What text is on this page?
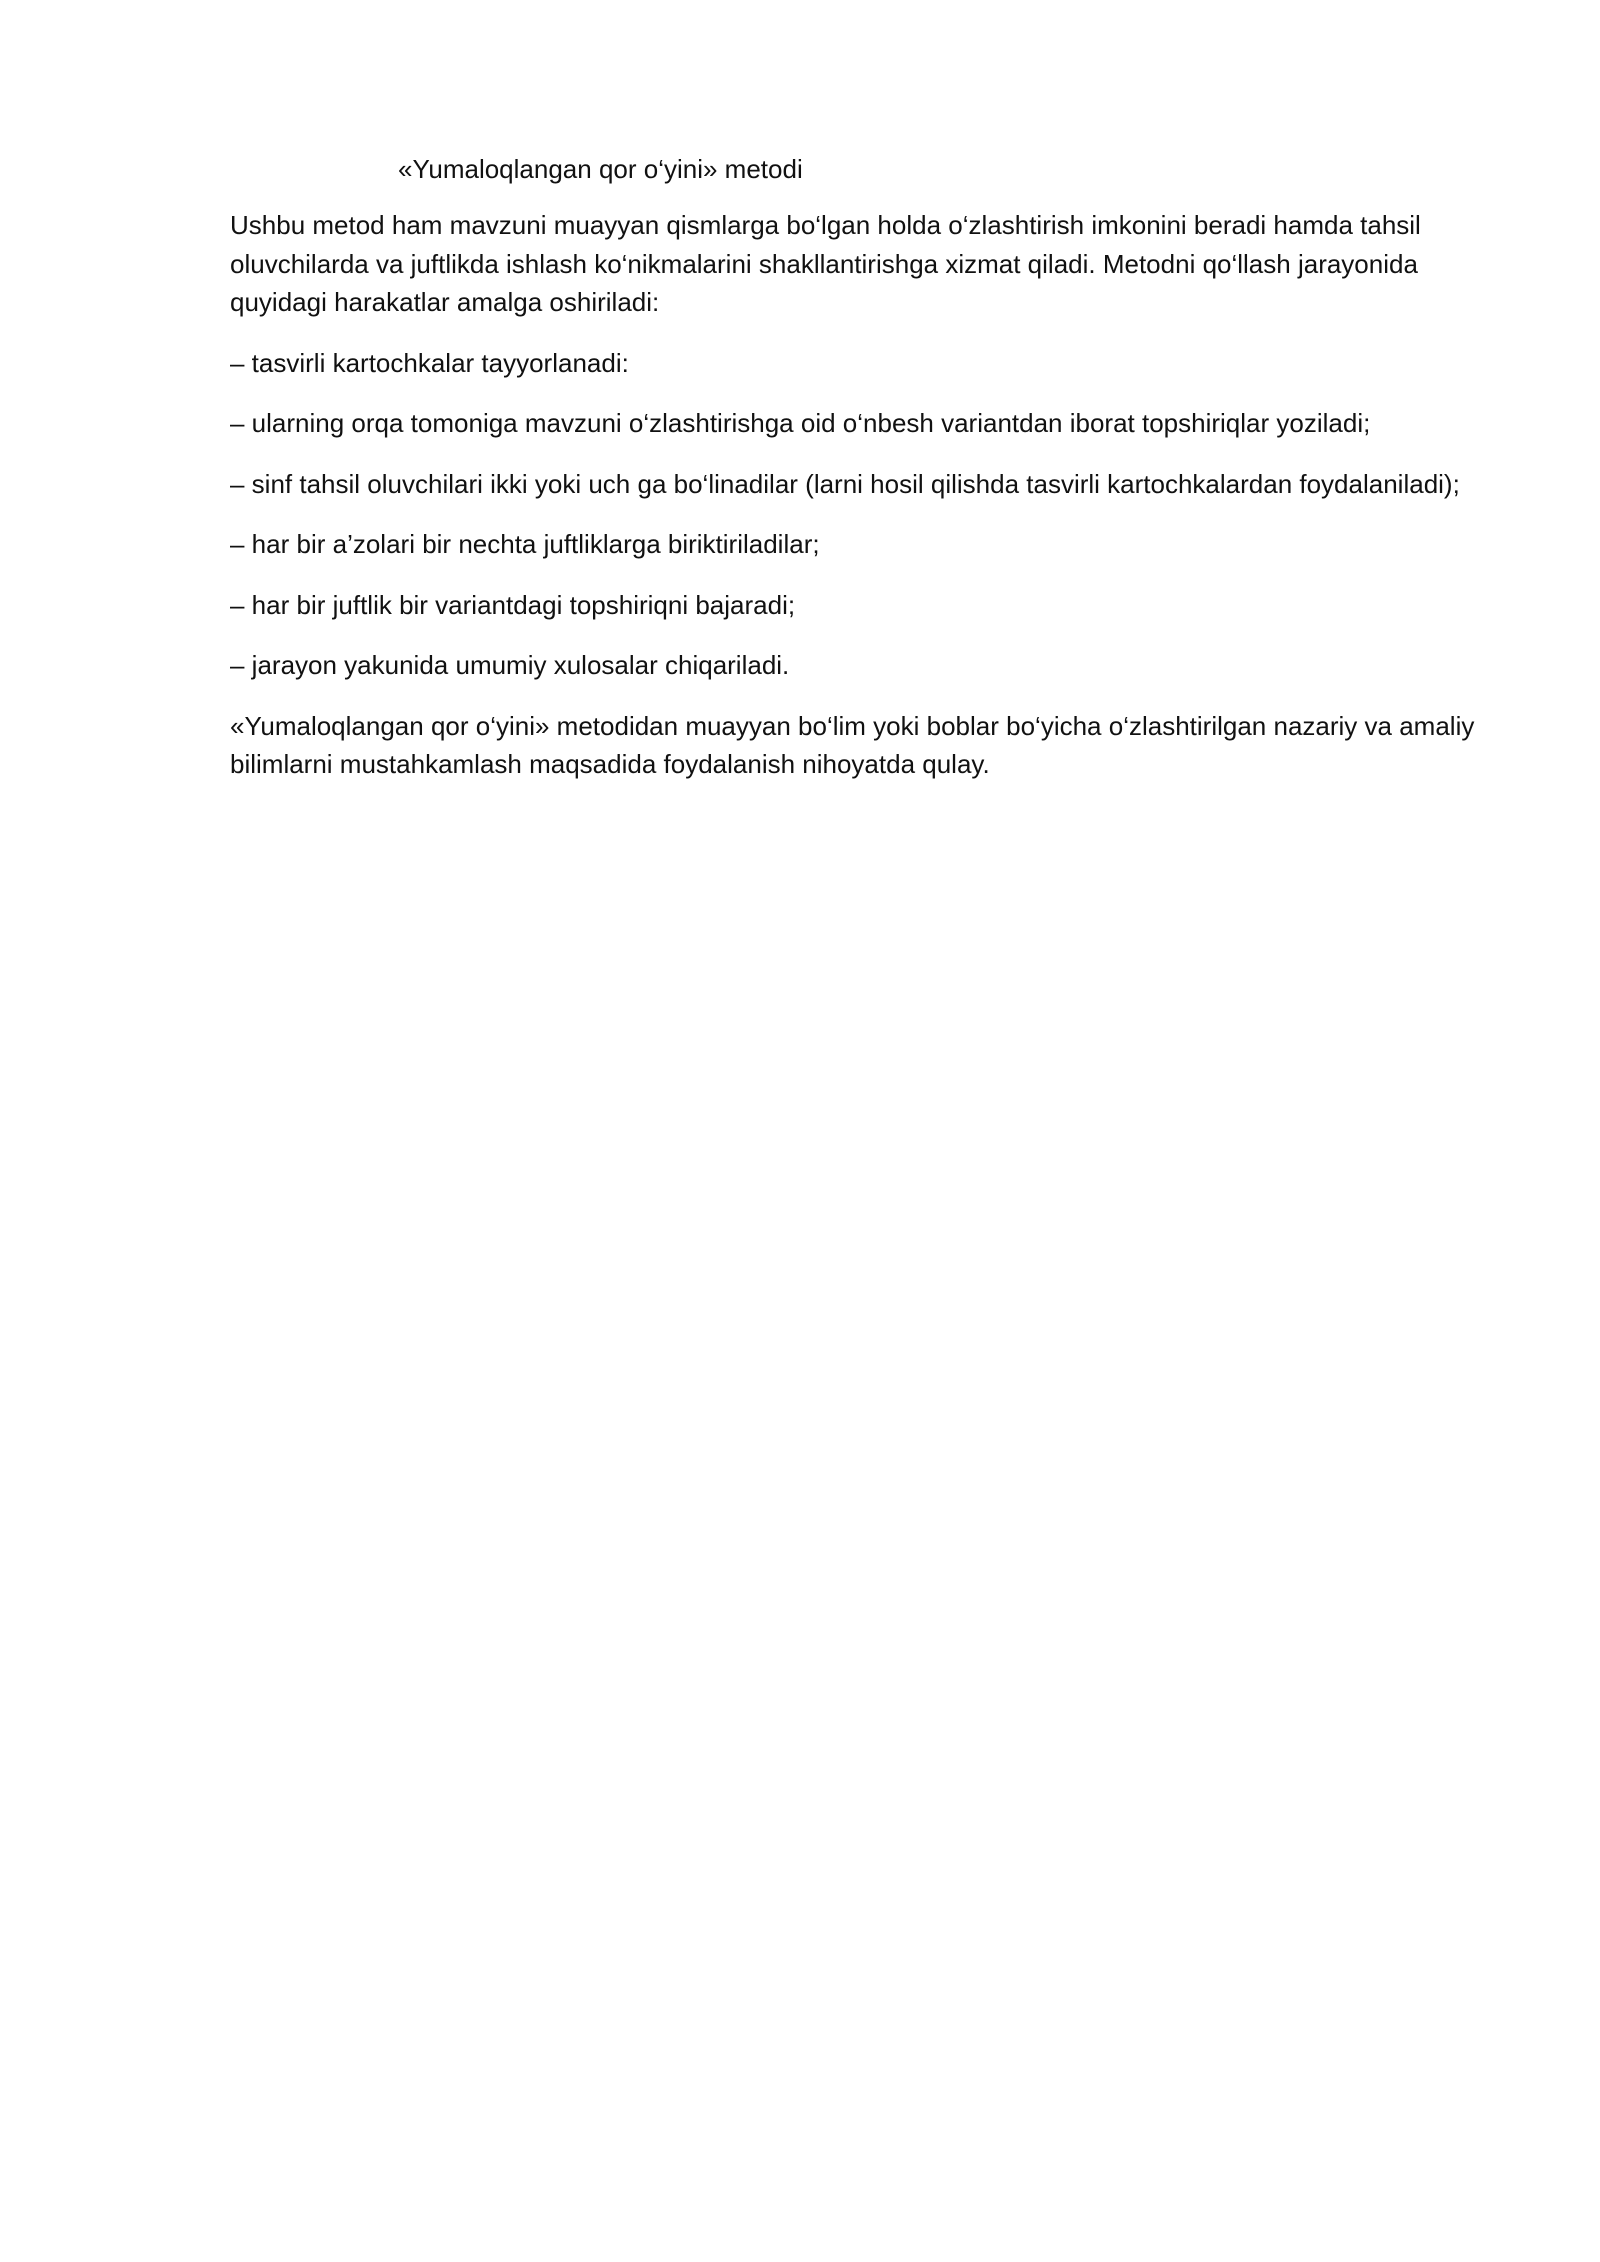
«Yumaloqlangan qor o‘yini» metodi

Ushbu metod ham mavzuni muayyan qismlarga bo‘lgan holda o‘zlashtirish imkonini beradi hamda tahsil oluvchilarda va juftlikda ishlash ko‘nikmalarini shakllantirishga xizmat qiladi. Metodni qo‘llash jarayonida quyidagi harakatlar amalga oshiriladi:

– tasvirli kartochkalar tayyorlanadi:

– ularning orqa tomoniga mavzuni o‘zlashtirishga oid o‘nbesh variantdan iborat topshiriqlar yoziladi;

– sinf tahsil oluvchilari ikki yoki uch ga bo‘linadilar (larni hosil qilishda tasvirli kartochkalardan foydalaniladi);

– har bir a’zolari bir nechta juftliklarga biriktiriladilar;

– har bir juftlik bir variantdagi topshiriqni bajaradi;

– jarayon yakunida umumiy xulosalar chiqariladi.

«Yumaloqlangan qor o‘yini» metodidan muayyan bo‘lim yoki boblar bo‘yicha o‘zlashtirilgan nazariy va amaliy bilimlarni mustahkamlash maqsadida foydalanish nihoyatda qulay.
